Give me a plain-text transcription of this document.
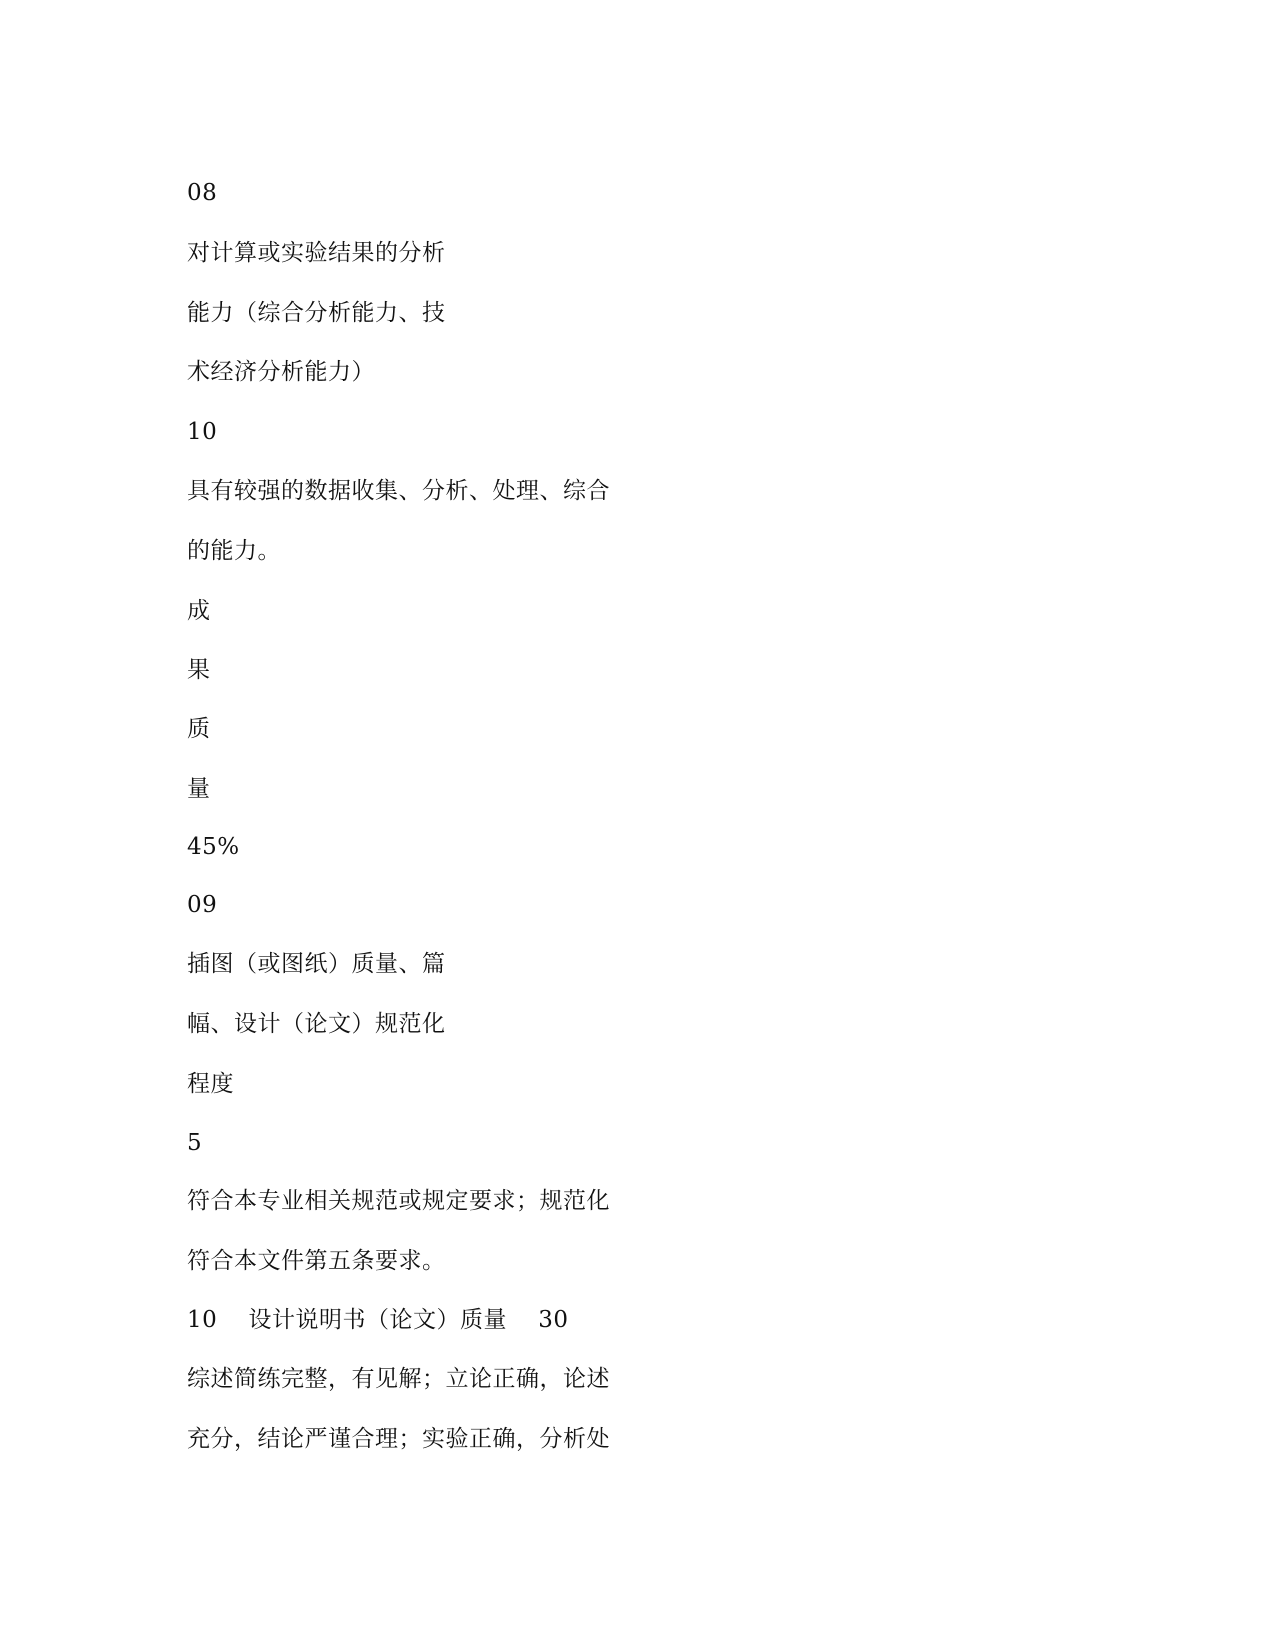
08
对计算或实验结果的分析
能力（综合分析能力、技
术经济分析能力）
10
具有较强的数据收集、分析、处理、综合
的能力。
成
果
质
量
45%
09
插图（或图纸）质量、篇
幅、设计（论文）规范化
程度
5
符合本专业相关规范或规定要求；规范化
符合本文件第五条要求。
10    设计说明书（论文）质量    30
综述简练完整，有见解；立论正确，论述
充分，结论严谨合理；实验正确，分析处
